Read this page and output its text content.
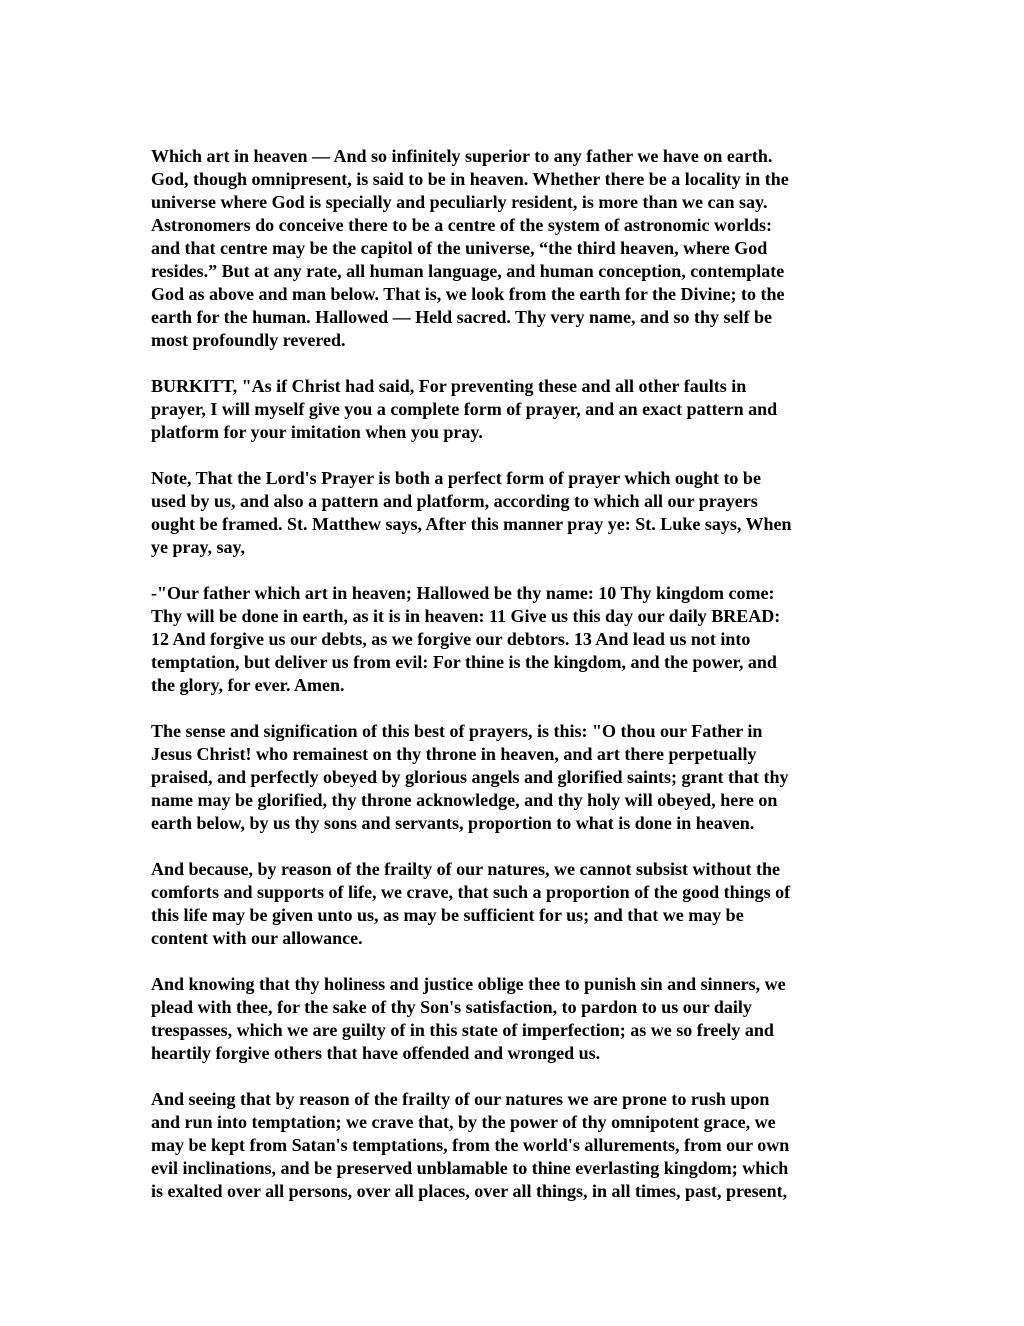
Which art in heaven — And so infinitely superior to any father we have on earth.
God, though omnipresent, is said to be in heaven. Whether there be a locality in the
universe where God is specially and peculiarly resident, is more than we can say.
Astronomers do conceive there to be a centre of the system of astronomic worlds:
and that centre may be the capitol of the universe, “the third heaven, where God
resides.” But at any rate, all human language, and human conception, contemplate
God as above and man below. That is, we look from the earth for the Divine; to the
earth for the human. Hallowed — Held sacred. Thy very name, and so thy self be
most profoundly revered.
BURKITT, "As if Christ had said, For preventing these and all other faults in
prayer, I will myself give you a complete form of prayer, and an exact pattern and
platform for your imitation when you pray.
Note, That the Lord's Prayer is both a perfect form of prayer which ought to be
used by us, and also a pattern and platform, according to which all our prayers
ought be framed. St. Matthew says, After this manner pray ye: St. Luke says, When
ye pray, say,
-"Our father which art in heaven; Hallowed be thy name: 10 Thy kingdom come:
Thy will be done in earth, as it is in heaven: 11 Give us this day our daily BREAD:
12 And forgive us our debts, as we forgive our debtors. 13 And lead us not into
temptation, but deliver us from evil: For thine is the kingdom, and the power, and
the glory, for ever. Amen.
The sense and signification of this best of prayers, is this: "O thou our Father in
Jesus Christ! who remainest on thy throne in heaven, and art there perpetually
praised, and perfectly obeyed by glorious angels and glorified saints; grant that thy
name may be glorified, thy throne acknowledge, and thy holy will obeyed, here on
earth below, by us thy sons and servants, proportion to what is done in heaven.
And because, by reason of the frailty of our natures, we cannot subsist without the
comforts and supports of life, we crave, that such a proportion of the good things of
this life may be given unto us, as may be sufficient for us; and that we may be
content with our allowance.
And knowing that thy holiness and justice oblige thee to punish sin and sinners, we
plead with thee, for the sake of thy Son's satisfaction, to pardon to us our daily
trespasses, which we are guilty of in this state of imperfection; as we so freely and
heartily forgive others that have offended and wronged us.
And seeing that by reason of the frailty of our natures we are prone to rush upon
and run into temptation; we crave that, by the power of thy omnipotent grace, we
may be kept from Satan's temptations, from the world's allurements, from our own
evil inclinations, and be preserved unblamable to thine everlasting kingdom; which
is exalted over all persons, over all places, over all things, in all times, past, present,
